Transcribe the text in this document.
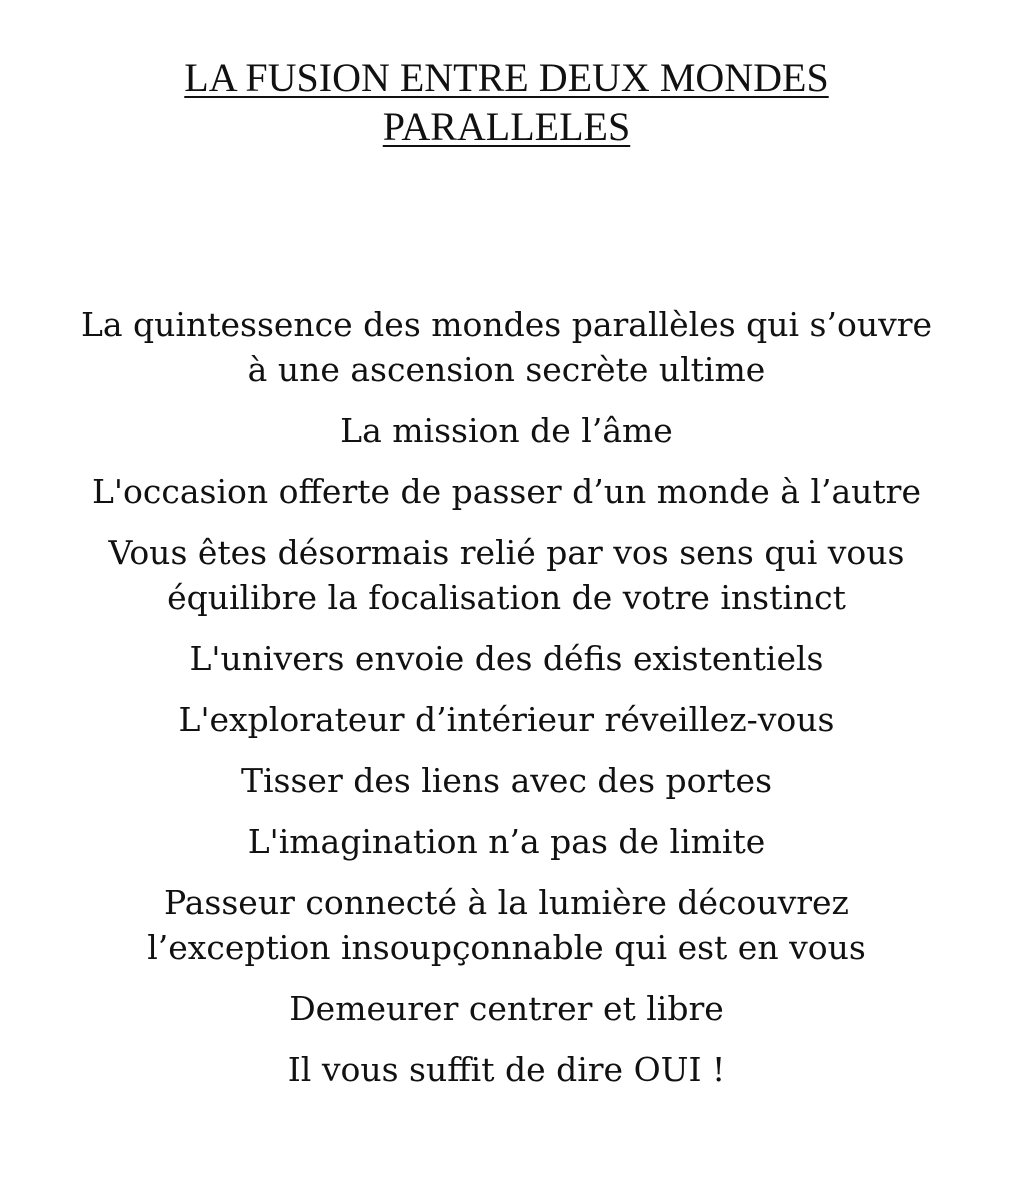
LA FUSION ENTRE DEUX MONDES
PARALLELES

La quintessence des mondes parallèles qui s’ouvre
à une ascension secrète ultime

La mission de l’âme

L'occasion offerte de passer d’un monde à l’autre

Vous êtes désormais relié par vos sens qui vous
équilibre la focalisation de votre instinct

L'univers envoie des défis existentiels

L'explorateur d’intérieur réveillez-vous

Tisser des liens avec des portes

L'imagination n’a pas de limite

Passeur connecté à la lumière découvrez
l’exception insoupçonnable qui est en vous

Demeurer centrer et libre

Il vous suffit de dire OUI !
